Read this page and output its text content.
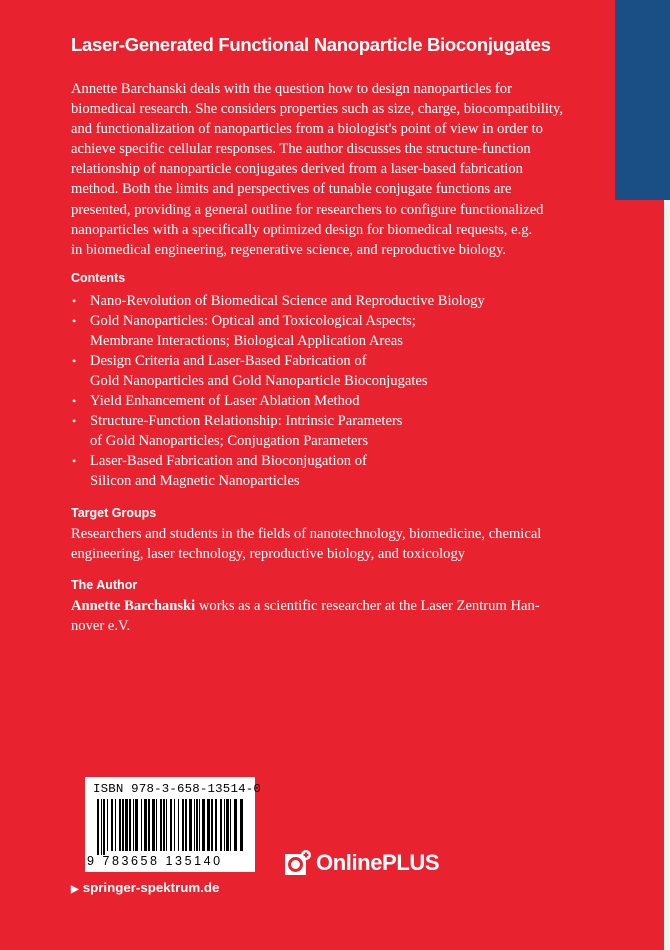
Laser-Generated Functional Nanoparticle Bioconjugates
Annette Barchanski deals with the question how to design nanoparticles for
biomedical research. She considers properties such as size, charge, biocompatibility,
and functionalization of nanoparticles from a biologist's point of view in order to
achieve specific cellular responses. The author discusses the structure-function
relationship of nanoparticle conjugates derived from a laser-based fabrication
method. Both the limits and perspectives of tunable conjugate functions are
presented, providing a general outline for researchers to configure functionalized
nanoparticles with a specifically optimized design for biomedical requests, e.g.
in biomedical engineering, regenerative science, and reproductive biology.
Contents
• Nano-Revolution of Biomedical Science and Reproductive Biology
• Gold Nanoparticles: Optical and Toxicological Aspects;
Membrane Interactions; Biological Application Areas
• Design Criteria and Laser-Based Fabrication of
Gold Nanoparticles and Gold Nanoparticle Bioconjugates
• Yield Enhancement of Laser Ablation Method
• Structure-Function Relationship: Intrinsic Parameters
of Gold Nanoparticles; Conjugation Parameters
• Laser-Based Fabrication and Bioconjugation of
Silicon and Magnetic Nanoparticles
Target Groups
Researchers and students in the fields of nanotechnology, biomedicine, chemical
engineering, laser technology, reproductive biology, and toxicology
The Author
Annette Barchanski works as a scientific researcher at the Laser Zentrum Han-
nover e.V.
ISBN 978-3-658-13514-0
9 783658 135140	OnlinePLUS
▶ springer-spektrum.de
